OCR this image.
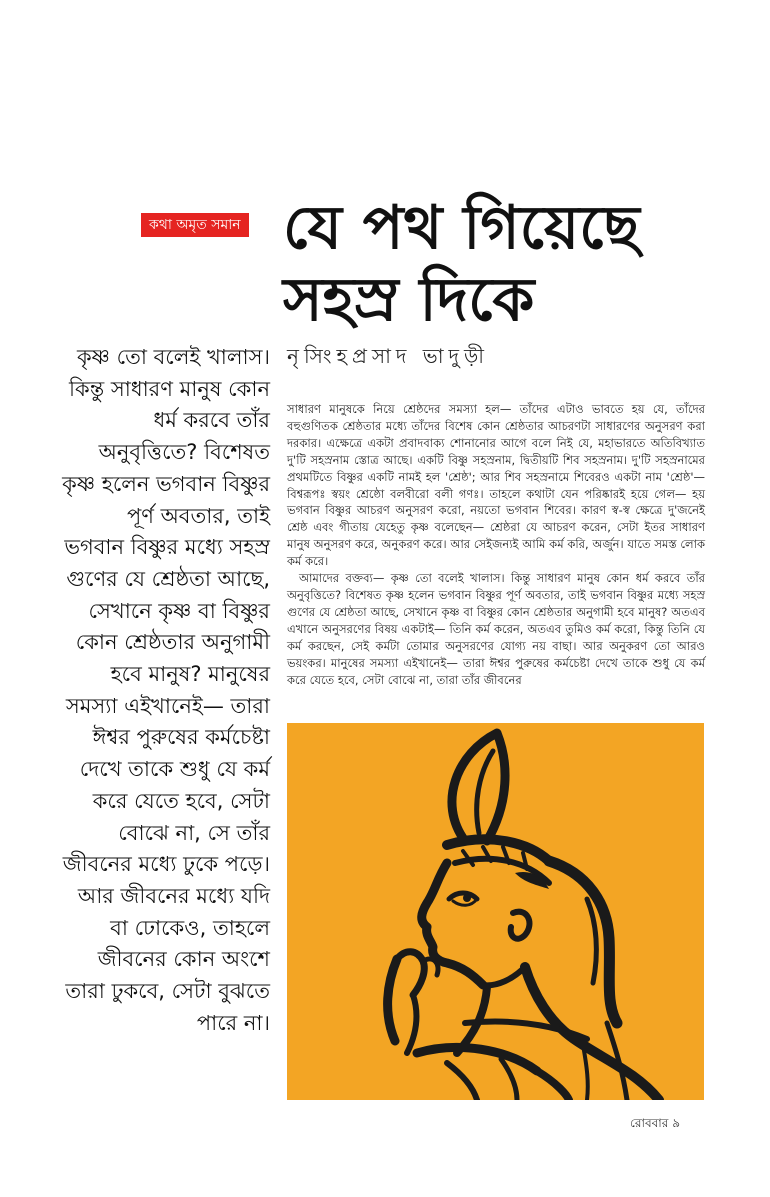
কথা অমৃত সমান যে পথ গিয়েছে
সহস্র দিকে
নৃসিংহপ্রসাদ ভাদুড়ী

কৃষ্ণ তো বলেই খালাস। কিন্তু সাধারণ মানুষ কোন ধর্ম করবে তাঁর অনুবৃত্তিতে? বিশেষত কৃষ্ণ হলেন ভগবান বিষ্ণুর পূর্ণ অবতার, তাই ভগবান বিষ্ণুর মধ্যে সহস্র গুণের যে শ্রেষ্ঠতা আছে, সেখানে কৃষ্ণ বা বিষ্ণুর কোন শ্রেষ্ঠতার অনুগামী হবে মানুষ? মানুষের সমস্যা এইখানেই— তারা ঈশ্বর পুরুষের কর্মচেষ্টা দেখে তাকে শুধু যে কর্ম করে যেতে হবে, সেটা বোঝে না, সে তাঁর জীবনের মধ্যে ঢুকে পড়ে। আর জীবনের মধ্যে যদি বা ঢোকেও, তাহলে জীবনের কোন অংশে তারা ঢুকবে, সেটা বুঝতে পারে না।

সাধারণ মানুষকে নিয়ে শ্রেষ্ঠদের সমস্যা হল— তাঁদের এটাও ভাবতে হয় যে, তাঁদের বহুগুণিতক শ্রেষ্ঠতার মধ্যে তাঁদের বিশেষ কোন শ্রেষ্ঠতার আচরণটা সাধারণের অনুসরণ করা দরকার। এক্ষেত্রে একটা প্রবাদবাক্য শোনানোর আগে বলে নিই যে, মহাভারতে অতিবিখ্যাত দু'টি সহস্রনাম স্তোত্র আছে। একটি বিষ্ণু সহস্রনাম, দ্বিতীয়টি শিব সহস্রনাম। দু'টি সহস্রনামের প্রথমটিতে বিষ্ণুর একটি নামই হল 'শ্রেষ্ঠ'; আর শিব সহস্রনামে শিবেরও একটা নাম 'শ্রেষ্ঠ'— বিশ্বরূপঃ স্বয়ং শ্রেষ্ঠো বলবীরো বলী গণঃ। তাহলে কথাটা যেন পরিষ্কারই হয়ে গেল— হয় ভগবান বিষ্ণুর আচরণ অনুসরণ করো, নয়তো ভগবান শিবের। কারণ স্ব-স্ব ক্ষেত্রে দু'জনেই শ্রেষ্ঠ এবং গীতায় যেহেতু কৃষ্ণ বলেছেন— শ্রেষ্ঠরা যে আচরণ করেন, সেটা ইতর সাধারণ মানুষ অনুসরণ করে, অনুকরণ করে। আর সেইজন্যই আমি কর্ম করি, অর্জুন। যাতে সমস্ত লোক কর্ম করে।

আমাদের বক্তব্য— কৃষ্ণ তো বলেই খালাস। কিন্তু সাধারণ মানুষ কোন ধর্ম করবে তাঁর অনুবৃত্তিতে? বিশেষত কৃষ্ণ হলেন ভগবান বিষ্ণুর পূর্ণ অবতার, তাই ভগবান বিষ্ণুর মধ্যে সহস্র গুণের যে শ্রেষ্ঠতা আছে, সেখানে কৃষ্ণ বা বিষ্ণুর কোন শ্রেষ্ঠতার অনুগামী হবে মানুষ? অতএব এখানে অনুসরণের বিষয় একটাই— তিনি কর্ম করেন, অতএব তুমিও কর্ম করো, কিন্তু তিনি যে কর্ম করছেন, সেই কর্মটা তোমার অনুসরণের যোগ্য নয় বাছা। আর অনুকরণ তো আরও ভয়ংকর। মানুষের সমস্যা এইখানেই— তারা ঈশ্বর পুরুষের কর্মচেষ্টা দেখে তাকে শুধু যে কর্ম করে যেতে হবে, সেটা বোঝে না, তারা তাঁর জীবনের

রোববার ৯
